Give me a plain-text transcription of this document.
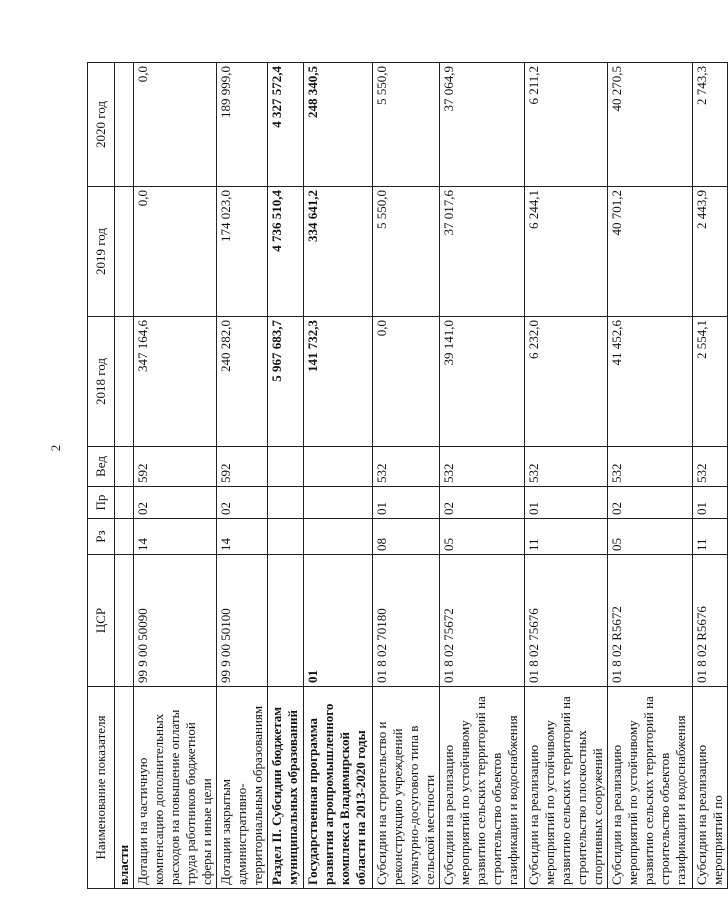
2
Наименование показателя	ЦСР	Рз	Пр	Вед	2018 год	2019 год	2020 год
власти							
Дотации на частичную компенсацию дополнительных расходов на повышение оплаты труда работников бюджетной сферы и иные цели	99 9 00 50090	14	02	592	347 164,6	0,0	0,0
Дотации закрытым административно-территориальным образованиям	99 9 00 50100	14	02	592	240 282,0	174 023,0	189 999,0
Раздел II. Субсидии бюджетам муниципальных образований					5 967 683,7	4 736 510,4	4 327 572,4
Государственная программа развития агропромышленного комплекса Владимирской области на 2013-2020 годы	01				141 732,3	334 641,2	248 340,5
Субсидии на строительство и реконструкцию учреждений культурно-досугового типа в сельской местности	01 8 02 70180	08	01	532	0,0	5 550,0	5 550,0
Субсидии на реализацию мероприятий по устойчивому развитию сельских территорий на строительство объектов газификации и водоснабжения	01 8 02 75672	05	02	532	39 141,0	37 017,6	37 064,9
Субсидии на реализацию мероприятий по устойчивому развитию сельских территорий на строительство плоскостных спортивных сооружений	01 8 02 75676	11	01	532	6 232,0	6 244,1	6 211,2
Субсидии на реализацию мероприятий по устойчивому развитию сельских территорий на строительство объектов газификации и водоснабжения	01 8 02 R5672	05	02	532	41 452,6	40 701,2	40 270,5
Субсидии на реализацию мероприятий по	01 8 02 R5676	11	01	532	2 554,1	2 443,9	2 743,3
